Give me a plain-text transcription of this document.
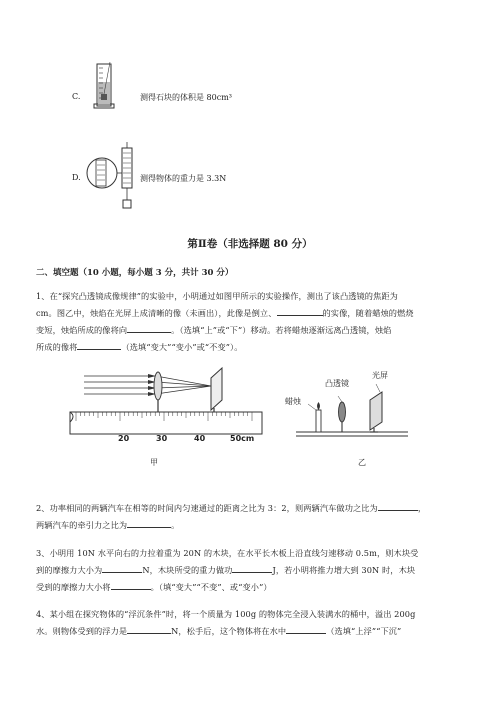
C.	测得石块的体积是 80cm³
D.	测得物体的重力是 3.3N
第Ⅱ卷（非选择题 80 分）
二、填空题（10 小题，每小题 3 分，共计 30 分）
1、在“探究凸透镜成像规律”的实验中，小明通过如图甲所示的实验操作，测出了该凸透镜的焦距为
cm。图乙中，烛焰在光屏上成清晰的像（未画出），此像是倒立、	的实像，随着蜡烛的燃烧
变短，烛焰所成的像将向	。（选填“上”或“下”）移动。若将蜡烛逐渐远离凸透镜，烛焰
所成的像将	（选填“变大”“变小”或“不变”）。
20	30	40	50cm
甲
蜡烛
凸透镜
光屏
乙
2、功率相同的两辆汽车在相等的时间内匀速通过的距离之比为 3：2，则两辆汽车做功之比为	，
两辆汽车的牵引力之比为	。
3、小明用 10N 水平向右的力拉着重为 20N 的木块，在水平长木板上沿直线匀速移动 0.5m，则木块受
到的摩擦力大小为	N，木块所受的重力做功	J，若小明将推力增大到 30N 时，木块
受到的摩擦力大小将	。（填“变大”“不变”、或“变小”）
4、某小组在探究物体的“浮沉条件”时，将一个质量为 100g 的物体完全浸入装满水的桶中，溢出 200g
水。则物体受到的浮力是	N，松手后，这个物体将在水中	（选填“上浮”“下沉”
